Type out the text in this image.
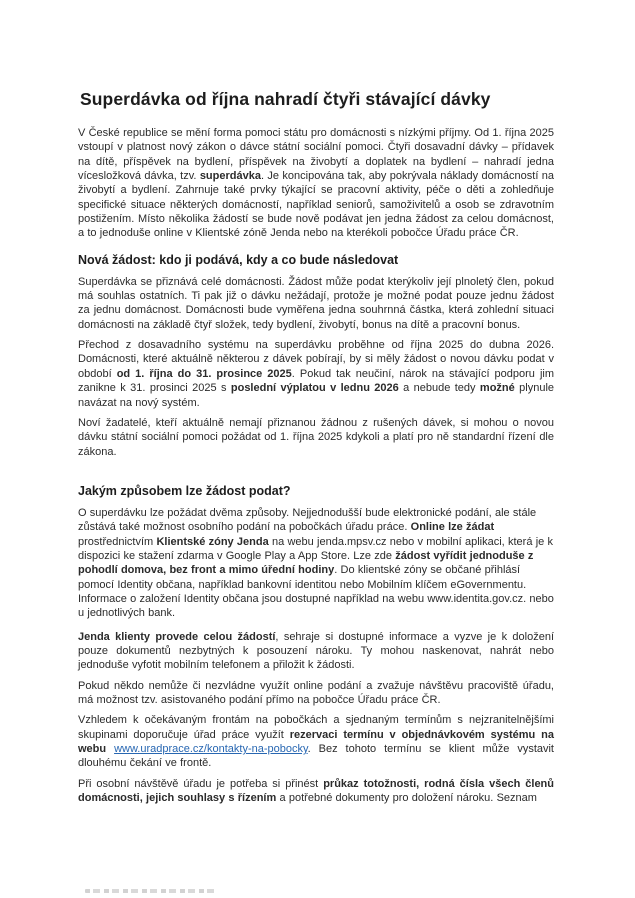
Superdávka od října nahradí čtyři stávající dávky

V České republice se mění forma pomoci státu pro domácnosti s nízkými příjmy. Od 1. října 2025 vstoupí v platnost nový zákon o dávce státní sociální pomoci. Čtyři dosavadní dávky – přídavek na dítě, příspěvek na bydlení, příspěvek na živobytí a doplatek na bydlení – nahradí jedna vícesložková dávka, tzv. superdávka. Je koncipována tak, aby pokrývala náklady domácností na živobytí a bydlení. Zahrnuje také prvky týkající se pracovní aktivity, péče o děti a zohledňuje specifické situace některých domácností, například seniorů, samoživitelů a osob se zdravotním postižením. Místo několika žádostí se bude nově podávat jen jedna žádost za celou domácnost, a to jednoduše online v Klientské zóně Jenda nebo na kterékoli pobočce Úřadu práce ČR.

Nová žádost: kdo ji podává, kdy a co bude následovat

Superdávka se přiznává celé domácnosti. Žádost může podat kterýkoliv její plnoletý člen, pokud má souhlas ostatních. Ti pak již o dávku nežádají, protože je možné podat pouze jednu žádost za jednu domácnost. Domácnosti bude vyměřena jedna souhrnná částka, která zohlední situaci domácnosti na základě čtyř složek, tedy bydlení, živobytí, bonus na dítě a pracovní bonus.

Přechod z dosavadního systému na superdávku proběhne od října 2025 do dubna 2026. Domácnosti, které aktuálně některou z dávek pobírají, by si měly žádost o novou dávku podat v období od 1. října do 31. prosince 2025. Pokud tak neučiní, nárok na stávající podporu jim zanikne k 31. prosinci 2025 s poslední výplatou v lednu 2026 a nebude tedy možné plynule navázat na nový systém.

Noví žadatelé, kteří aktuálně nemají přiznanou žádnou z rušených dávek, si mohou o novou dávku státní sociální pomoci požádat od 1. října 2025 kdykoli a platí pro ně standardní řízení dle zákona.

Jakým způsobem lze žádost podat?

O superdávku lze požádat dvěma způsoby. Nejjednodušší bude elektronické podání, ale stále zůstává také možnost osobního podání na pobočkách úřadu práce. Online lze žádat prostřednictvím Klientské zóny Jenda na webu jenda.mpsv.cz nebo v mobilní aplikaci, která je k dispozici ke stažení zdarma v Google Play a App Store. Lze zde žádost vyřídit jednoduše z pohodlí domova, bez front a mimo úřední hodiny. Do klientské zóny se občané přihlásí pomocí Identity občana, například bankovní identitou nebo Mobilním klíčem eGovernmentu. Informace o založení Identity občana jsou dostupné například na webu www.identita.gov.cz. nebo u jednotlivých bank.

Jenda klienty provede celou žádostí, sehraje si dostupné informace a vyzve je k doložení pouze dokumentů nezbytných k posouzení nároku. Ty mohou naskenovat, nahrát nebo jednoduše vyfotit mobilním telefonem a přiložit k žádosti.

Pokud někdo nemůže či nezvládne využít online podání a zvažuje návštěvu pracoviště úřadu, má možnost tzv. asistovaného podání přímo na pobočce Úřadu práce ČR.

Vzhledem k očekávaným frontám na pobočkách a sjednaným termínům s nejzranitelnějšími skupinami doporučuje úřad práce využít rezervaci termínu v objednávkovém systému na webu www.uradprace.cz/kontakty-na-pobocky. Bez tohoto termínu se klient může vystavit dlouhému čekání ve frontě.

Při osobní návštěvě úřadu je potřeba si přinést průkaz totožnosti, rodná čísla všech členů domácnosti, jejich souhlasy s řízením a potřebné dokumenty pro doložení nároku. Seznam
